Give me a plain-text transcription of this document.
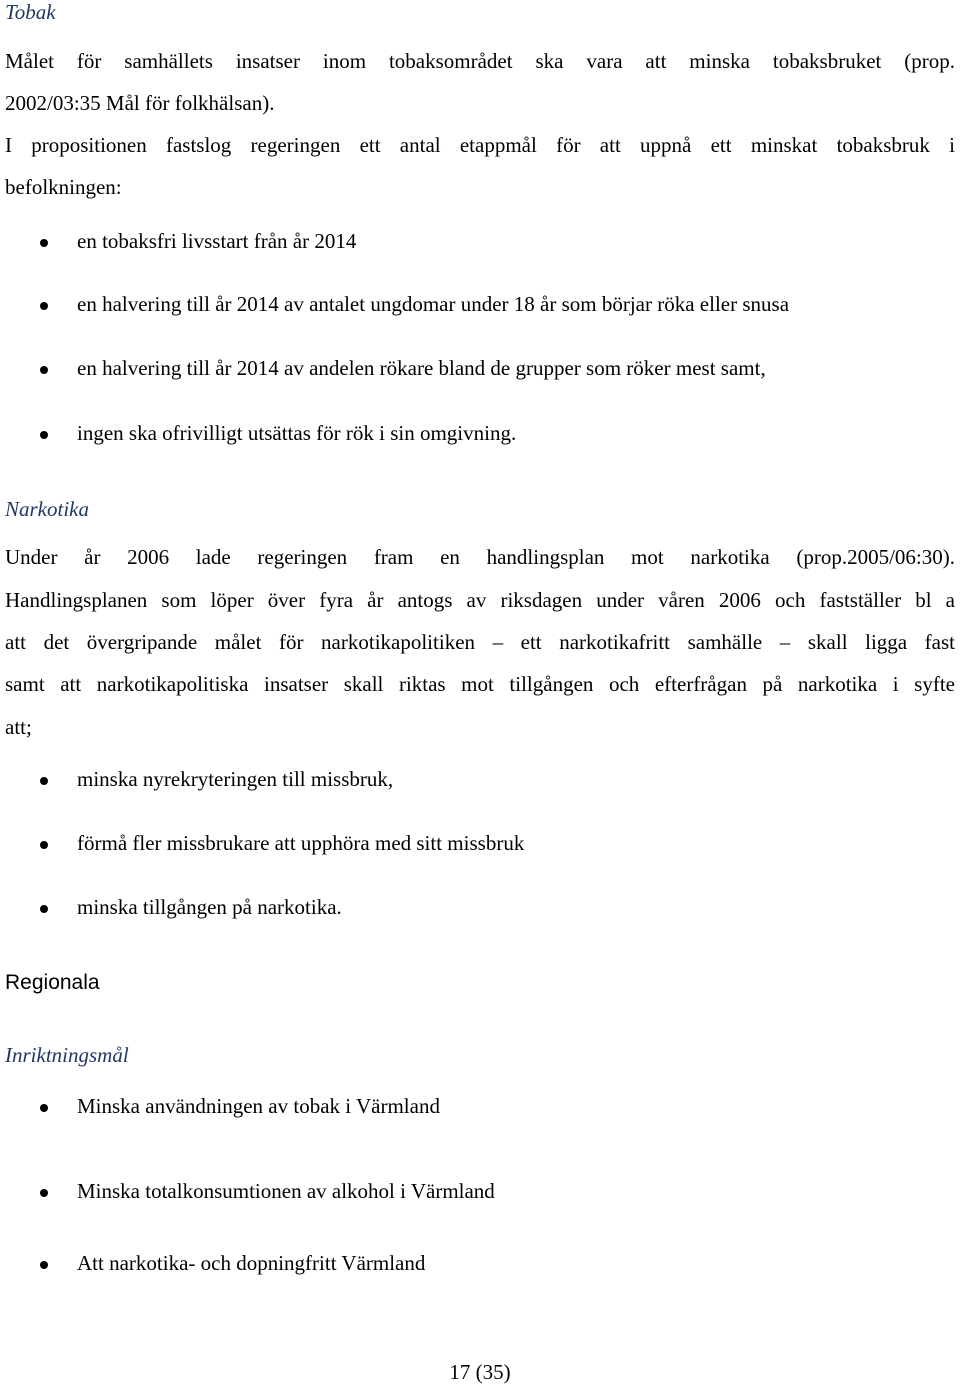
Tobak
Målet för samhällets insatser inom tobaksområdet ska vara att minska tobaksbruket (prop.
2002/03:35 Mål för folkhälsan).
I propositionen fastslog regeringen ett antal etappmål för att uppnå ett minskat tobaksbruk i
befolkningen:
en tobaksfri livsstart från år 2014
en halvering till år 2014 av antalet ungdomar under 18 år som börjar röka eller snusa
en halvering till år 2014 av andelen rökare bland de grupper som röker mest samt,
ingen ska ofrivilligt utsättas för rök i sin omgivning.
Narkotika
Under år 2006 lade regeringen fram en handlingsplan mot narkotika (prop.2005/06:30).
Handlingsplanen som löper över fyra år antogs av riksdagen under våren 2006 och fastställer bl a
att det övergripande målet för narkotikapolitiken – ett narkotikafritt samhälle – skall ligga fast
samt att narkotikapolitiska insatser skall riktas mot tillgången och efterfrågan på narkotika i syfte
att;
minska nyrekryteringen till missbruk,
förmå fler missbrukare att upphöra med sitt missbruk
minska tillgången på narkotika.
Regionala
Inriktningsmål
Minska användningen av tobak i Värmland
Minska totalkonsumtionen av alkohol i Värmland
Att narkotika- och dopningfritt Värmland
17 (35)
